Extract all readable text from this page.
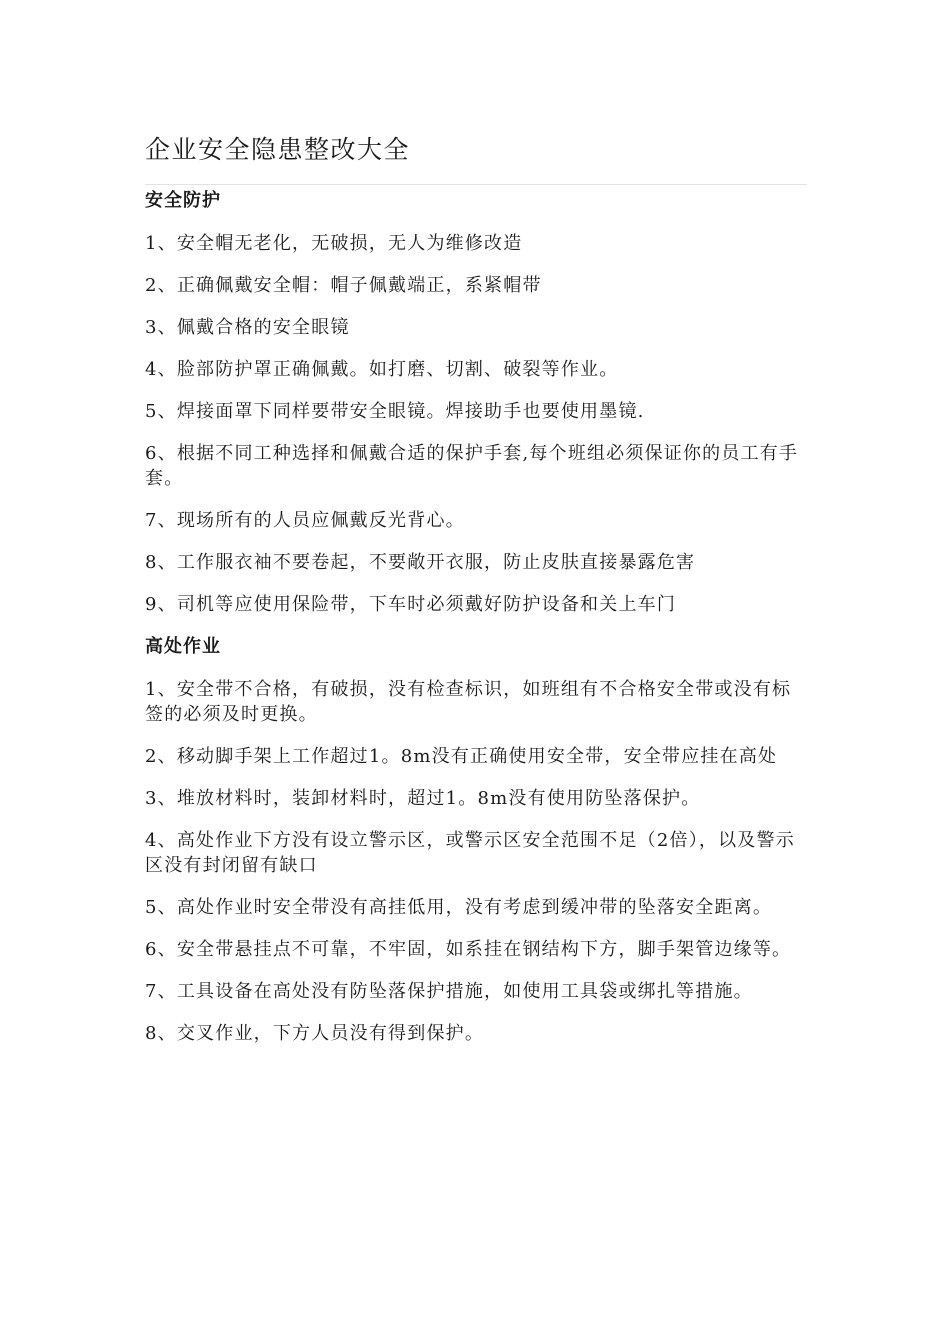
企业安全隐患整改大全
安全防护

1、安全帽无老化，无破损，无人为维修改造

2、正确佩戴安全帽：帽子佩戴端正，系紧帽带

3、佩戴合格的安全眼镜

4、脸部防护罩正确佩戴。如打磨、切割、破裂等作业。

5、焊接面罩下同样要带安全眼镜。焊接助手也要使用墨镜.

6、根据不同工种选择和佩戴合适的保护手套,每个班组必须保证你的员工有手套。

7、现场所有的人员应佩戴反光背心。

8、工作服衣袖不要卷起，不要敞开衣服，防止皮肤直接暴露危害

9、司机等应使用保险带，下车时必须戴好防护设备和关上车门

高处作业

1、安全带不合格，有破损，没有检查标识，如班组有不合格安全带或没有标签的必须及时更换。

2、移动脚手架上工作超过1。8m没有正确使用安全带，安全带应挂在高处

3、堆放材料时，装卸材料时，超过1。8m没有使用防坠落保护。

4、高处作业下方没有设立警示区，或警示区安全范围不足（2倍），以及警示区没有封闭留有缺口

5、高处作业时安全带没有高挂低用，没有考虑到缓冲带的坠落安全距离。

6、安全带悬挂点不可靠，不牢固，如系挂在钢结构下方，脚手架管边缘等。

7、工具设备在高处没有防坠落保护措施，如使用工具袋或绑扎等措施。

8、交叉作业，下方人员没有得到保护。
